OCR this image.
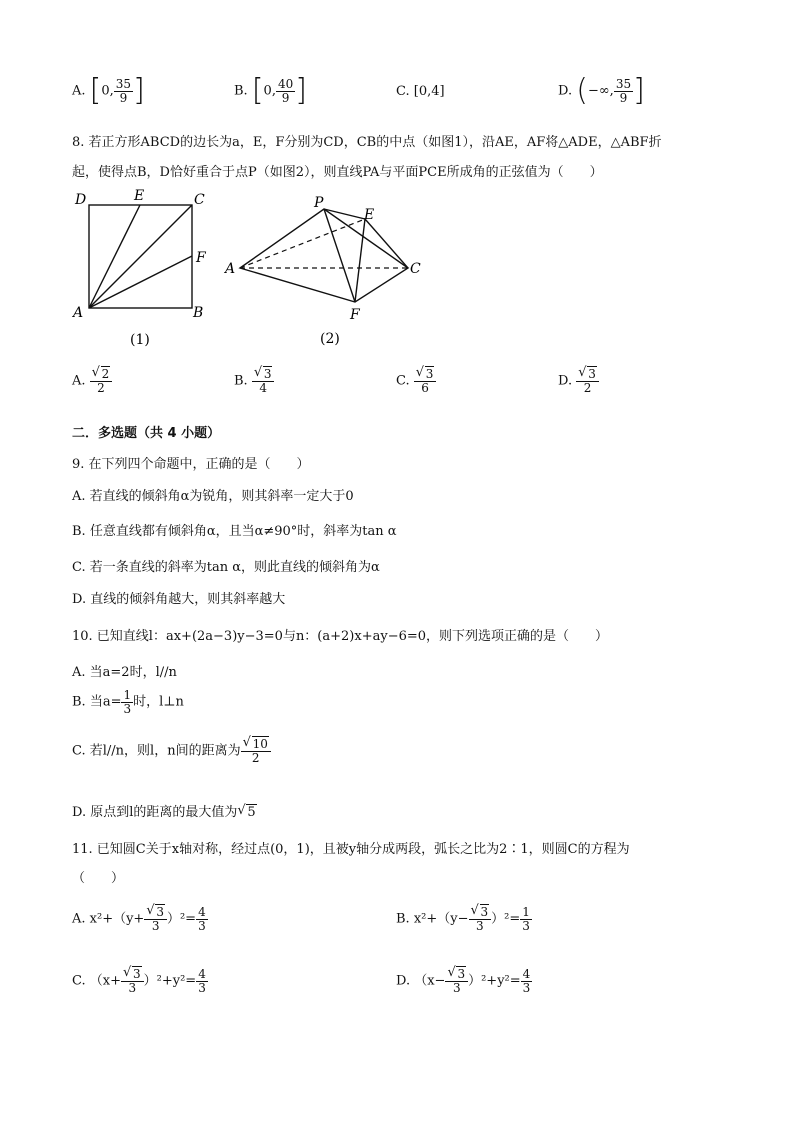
A. [0, $\frac{35}{9}$ ]	B. [0, $\frac{40}{9}$ ]	C. [0,4]	D. (−∞, $\frac{35}{9}$ ]
8. 若正方形ABCD的边长为a，E，F分别为CD，CB的中点（如图1），沿AE，AF将△ADE，△ABF折
起，使得点B，D恰好重合于点P（如图2），则直线PA与平面PCE所成角的正弦值为（　　）
D	E	C
F
A	B
(1)
P
E
A	C
F
(2)
A. √ $\frac{2}{2}$	B. √ $\frac{3}{4}$	C. √ $\frac{3}{6}$	D. √ $\frac{3}{2}$
二．多选题（共 4 小题）
9. 在下列四个命题中，正确的是（　　）
A. 若直线的倾斜角α为锐角，则其斜率一定大于0
B. 任意直线都有倾斜角α，且当α≠90°时，斜率为tan α
C. 若一条直线的斜率为tan α，则此直线的倾斜角为α
D. 直线的倾斜角越大，则其斜率越大
10. 已知直线l：ax+(2a−3)y−3=0与n：(a+2)x+ay−6=0，则下列选项正确的是（　　）
A. 当a=2时，l//n
B. 当$a= \frac{1}{3}$ 时，l⊥n
C. 若l//n，则l，n间的距离为 √ $\frac{10}{2}$
D. 原点到l的距离的最大值为 √ 5
11. 已知圆C关于x轴对称，经过点(0，1)，且被y轴分成两段，弧长之比为2∶1，则圆C的方程为
（　　）
A. x²+（y+ √ $\frac{3}{3} )^2= \frac{4}{3}$	B. x²+（y− √ $\frac{3}{3} )^2= \frac{1}{3}$
C. （x+ √ $\frac{3}{3} )^2+y^2= \frac{4}{3}$	D. （x− √ $\frac{3}{3} )^2+y^2= \frac{4}{3}$
